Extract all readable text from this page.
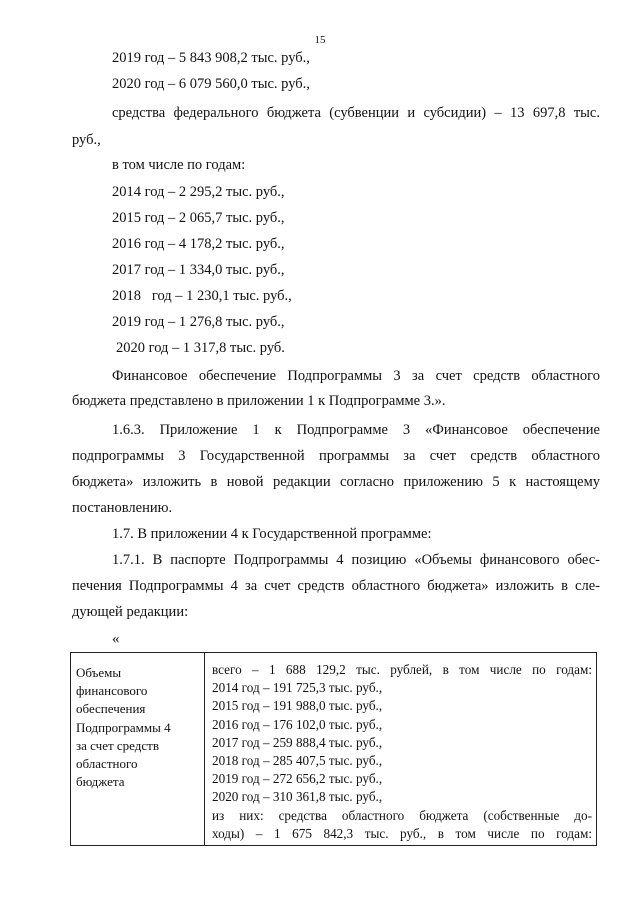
15
2019 год – 5 843 908,2 тыс. руб.,
2020 год – 6 079 560,0 тыс. руб.,
средства федерального бюджета (субвенции и субсидии) – 13 697,8 тыс.
руб.,
в том числе по годам:
2014 год – 2 295,2 тыс. руб.,
2015 год – 2 065,7 тыс. руб.,
2016 год – 4 178,2 тыс. руб.,
2017 год – 1 334,0 тыс. руб.,
2018   год – 1 230,1 тыс. руб.,
2019 год – 1 276,8 тыс. руб.,
2020 год – 1 317,8 тыс. руб.
Финансовое обеспечение Подпрограммы 3 за счет средств областного
бюджета представлено в приложении 1 к Подпрограмме 3.».
1.6.3. Приложение 1 к Подпрограмме 3 «Финансовое обеспечение
подпрограммы 3 Государственной программы за счет средств областного
бюджета» изложить в новой редакции согласно приложению 5 к настоящему
постановлению.
1.7. В приложении 4 к Государственной программе:
1.7.1. В паспорте Подпрограммы 4 позицию «Объемы финансового обес-
печения Подпрограммы 4 за счет средств областного бюджета» изложить в сле-
дующей редакции:
«
Объемы
финансового
обеспечения
Подпрограммы 4
за счет средств
областного
бюджета
всего – 1 688 129,2 тыс. рублей, в том числе по годам:
2014 год – 191 725,3 тыс. руб.,
2015 год – 191 988,0 тыс. руб.,
2016 год – 176 102,0 тыс. руб.,
2017 год – 259 888,4 тыс. руб.,
2018 год – 285 407,5 тыс. руб.,
2019 год – 272 656,2 тыс. руб.,
2020 год – 310 361,8 тыс. руб.,
из них: средства областного бюджета (собственные до-
ходы) – 1 675 842,3 тыс. руб., в том числе по годам:
